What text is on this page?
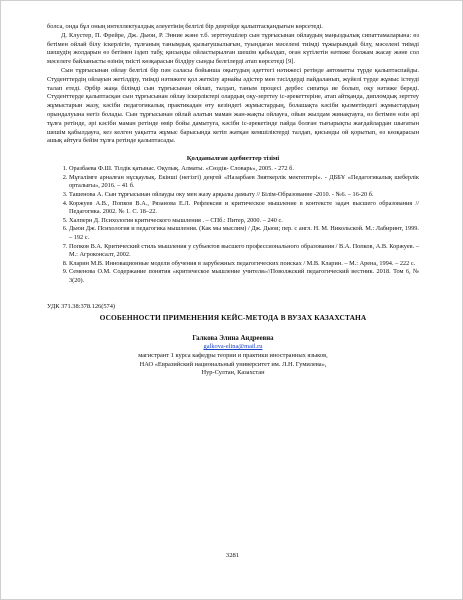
болса, онда бұл оның интеллектуалдық әлеуетінің белгілі бір деңгейде қалыптасқандығын көрсетеді.

Д. Клустер, П. Фрейре, Дж. Дьюи, Р. Энние және т.б. зерттеушілер сын тұрғысынан ойлаудың маңыздылық сипаттамаларына: өз бетімен ойлай білу іскерлігін, тұлғаның танымдық қызығушылығын, туындаған мәселені тиімді тұжырымдай білу, мәселені тиімді шешудің жолдарын өз бетімен іздеп табу, қисынды ойластырылған шешім қабылдап, оған күтілетін нәтиже болжам жасау және сол мәселеге байланысты өзінің тиісті көзқарасын білдіру сынды белгілерді атап көрсетеді [9].

Сын тұрғысынан ойлау белгілі бір пән саласы бойынша оқытудың әдеттегі нәтижесі ретінде автоматты түрде қалыптаспайды. Студенттердің ойлауын жетілдіру, тиімді нәтижеге қол жеткізу арнайы әдістер мен тәсілдерді пайдаланып, жүйелі түрде жұмыс істеуді талап етеді. Әрбір жаңа білімді сын тұрғысынан ойлап, талдап, таным процесі дербес сипатқа ие болып, оқу нәтиже береді. Студенттерде қалыптасқан сын тұрғысынан ойлау іскерліктері олардың оқу-зерттеу іс-әрекеттеріне, атап айтқанда, дипломдық зерттеу жұмыстарын жазу, кәсіби педагогикалық практикадан өту кезіндегі жұмыстардың, болашақта кәсіби қызметіндегі жұмыстардың орындалуына негіз болады. Сын тұрғысынан ойлай алатын маман жан-жақты ойлауға, ойын жылдам жинақтауға, өз бетімен өзін әрі тұлға ретінде, әрі кәсіби маман ретінде өмір бойы дамытуға, кәсіби іс-әрекетінде пайда болған тығырықты жағдайлардан шығатын шешім қабылдауға, кез келген уақытта жұмыс барысында кетіп жатқан кемшіліктерді талдап, қисынды ой қорытып, өз көзқарасын ашық айтуға бейім тұлға ретінде қалыптасады.

Қолданылған әдебиеттер тізімі
1. Оразбаева Ф.Ш. Тілдік қатынас. Оқулық. Алматы. «Сөздік- Словарь», 2005. - 272 б.
2. Мұғалімге арналған нұсқаулық. Екінші (негізгі) деңгей «Назарбаев Зияткерлік мектептері». - ДББҰ «Педагогикалық шеберлік орталығы», 2016. – 41 б.
3. Ташенова А. Сын тұрғысынан ойлауды оку мен жазу арқылы дамыту // Білім-Образование -2010. - №6. – 16-20 б.
4. Коржуев А.В., Попков В.А., Рязанова Е.Л. Рефлексия и критическое мышление в контексте задач высшего образования // Педагогика. 2002. № 1. С. 18–22.
5. Халперн Д. Психология критического мышления . – СПб.: Питер, 2000. – 240 с.
6. Дьюи Дж. Психология и педагогика мышления. (Как мы мыслим) / Дж. Дьюи; пер. с англ. Н. М. Никольской. М.: Лабиринт, 1999. – 192 с.
7. Попков В.А. Критический стиль мышления у субъектов высшего профессионального образования / В.А. Попков, А.В. Коржуев. –М.: Агроконсалт, 2002.
8. Кларин М.В. Инновационные модели обучения в зарубежных педагогических поисках / М.В. Кларин. – М.: Арена, 1994. – 222 с.
9. Семенова О.М. Содержание понятия «критическое мышление учителя»//Поволжский педагогический вестник. 2018. Том 6, № 3(20).
УДК 371.38:378.126(574)
ОСОБЕННОСТИ ПРИМЕНЕНИЯ КЕЙС-МЕТОДА В ВУЗАХ КАЗАХСТАНА
Галкова Элина Андреевна
galkova-elina@mail.ru
магистрант 1 курса кафедры теории и практики иностранных языков,
НАО «Евразийский национальный университет им. Л.Н. Гумилева»,
Нур-Султан, Казахстан
3281
